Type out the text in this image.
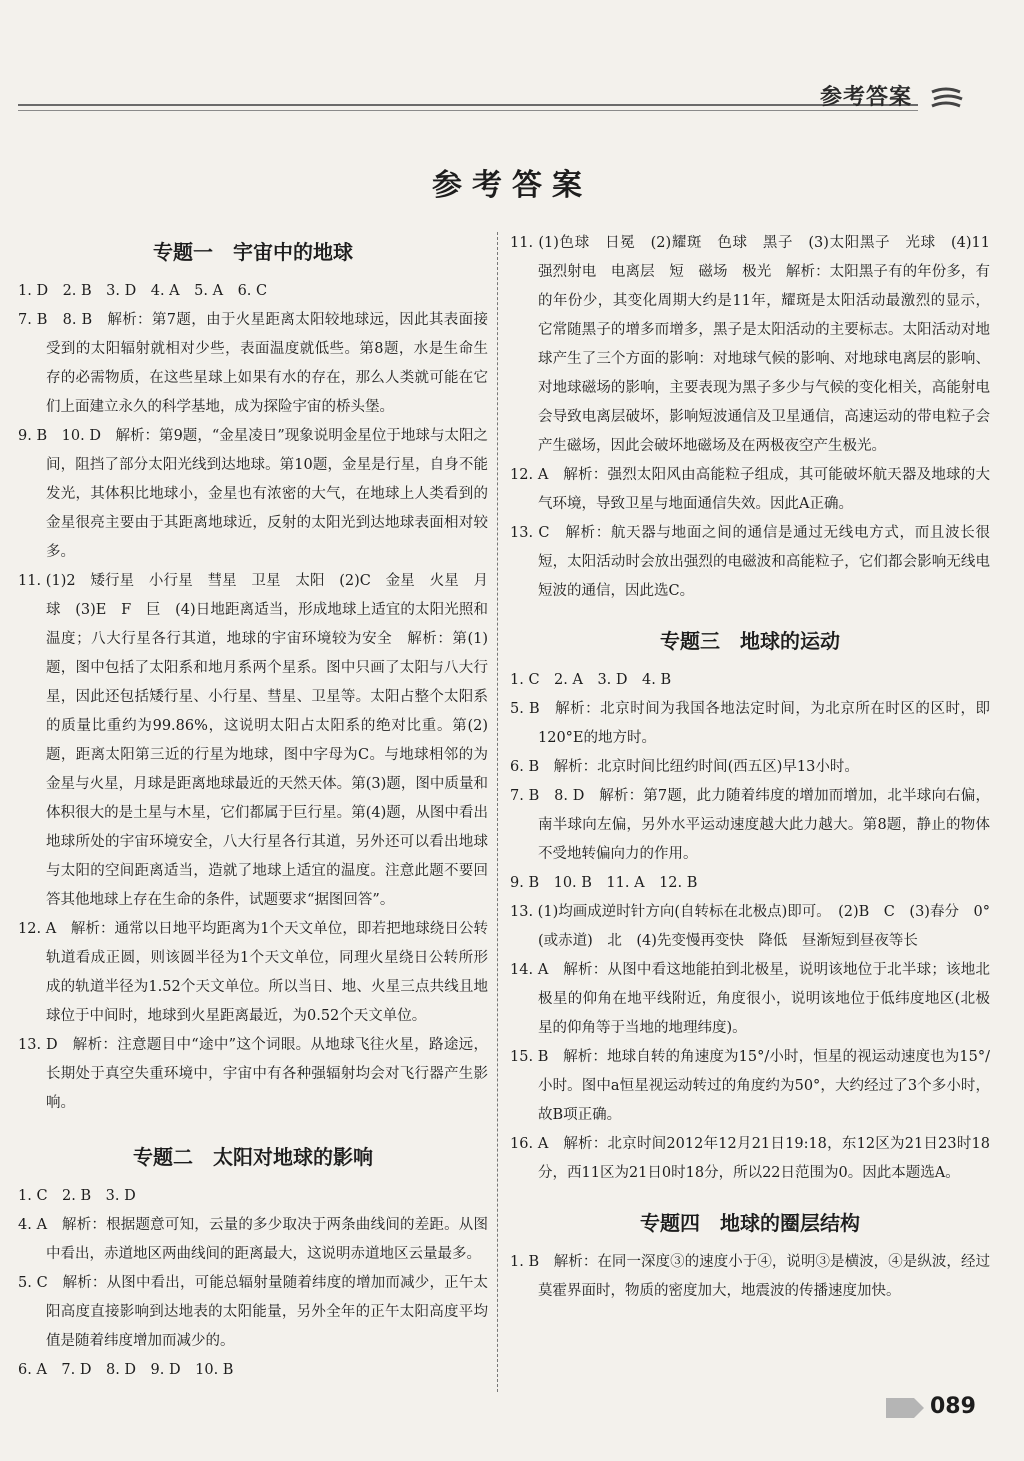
参考答案
参考答案
专题一　宇宙中的地球

1. D　2. B　3. D　4. A　5. A　6. C

7. B　8. B　解析：第7题，由于火星距离太阳较地球远，因此其表面接受到的太阳辐射就相对少些，表面温度就低些。第8题，水是生命生存的必需物质，在这些星球上如果有水的存在，那么人类就可能在它们上面建立永久的科学基地，成为探险宇宙的桥头堡。

9. B　10. D　解析：第9题，“金星凌日”现象说明金星位于地球与太阳之间，阻挡了部分太阳光线到达地球。第10题，金星是行星，自身不能发光，其体积比地球小，金星也有浓密的大气，在地球上人类看到的金星很亮主要由于其距离地球近，反射的太阳光到达地球表面相对较多。

11. (1)2　矮行星　小行星　彗星　卫星　太阳　(2)C　金星　火星　月球　(3)E　F　巨　(4)日地距离适当，形成地球上适宜的太阳光照和温度；八大行星各行其道，地球的宇宙环境较为安全　解析：第(1)题，图中包括了太阳系和地月系两个星系。图中只画了太阳与八大行星，因此还包括矮行星、小行星、彗星、卫星等。太阳占整个太阳系的质量比重约为99.86%，这说明太阳占太阳系的绝对比重。第(2)题，距离太阳第三近的行星为地球，图中字母为C。与地球相邻的为金星与火星，月球是距离地球最近的天然天体。第(3)题，图中质量和体积很大的是土星与木星，它们都属于巨行星。第(4)题，从图中看出地球所处的宇宙环境安全，八大行星各行其道，另外还可以看出地球与太阳的空间距离适当，造就了地球上适宜的温度。注意此题不要回答其他地球上存在生命的条件，试题要求“据图回答”。

12. A　解析：通常以日地平均距离为1个天文单位，即若把地球绕日公转轨道看成正圆，则该圆半径为1个天文单位，同理火星绕日公转所形成的轨道半径为1.52个天文单位。所以当日、地、火星三点共线且地球位于中间时，地球到火星距离最近，为0.52个天文单位。

13. D　解析：注意题目中“途中”这个词眼。从地球飞往火星，路途远，长期处于真空失重环境中，宇宙中有各种强辐射均会对飞行器产生影响。

专题二　太阳对地球的影响

1. C　2. B　3. D

4. A　解析：根据题意可知，云量的多少取决于两条曲线间的差距。从图中看出，赤道地区两曲线间的距离最大，这说明赤道地区云量最多。

5. C　解析：从图中看出，可能总辐射量随着纬度的增加而减少，正午太阳高度直接影响到达地表的太阳能量，另外全年的正午太阳高度平均值是随着纬度增加而减少的。

6. A　7. D　8. D　9. D　10. B

11. (1)色球　日冕　(2)耀斑　色球　黑子　(3)太阳黑子　光球　(4)11　强烈射电　电离层　短　磁场　极光　解析：太阳黑子有的年份多，有的年份少，其变化周期大约是11年，耀斑是太阳活动最激烈的显示，它常随黑子的增多而增多，黑子是太阳活动的主要标志。太阳活动对地球产生了三个方面的影响：对地球气候的影响、对地球电离层的影响、对地球磁场的影响，主要表现为黑子多少与气候的变化相关，高能射电会导致电离层破坏，影响短波通信及卫星通信，高速运动的带电粒子会产生磁场，因此会破坏地磁场及在两极夜空产生极光。

12. A　解析：强烈太阳风由高能粒子组成，其可能破坏航天器及地球的大气环境，导致卫星与地面通信失效。因此A正确。

13. C　解析：航天器与地面之间的通信是通过无线电方式，而且波长很短，太阳活动时会放出强烈的电磁波和高能粒子，它们都会影响无线电短波的通信，因此选C。

专题三　地球的运动

1. C　2. A　3. D　4. B

5. B　解析：北京时间为我国各地法定时间，为北京所在时区的区时，即120°E的地方时。

6. B　解析：北京时间比纽约时间(西五区)早13小时。

7. B　8. D　解析：第7题，此力随着纬度的增加而增加，北半球向右偏，南半球向左偏，另外水平运动速度越大此力越大。第8题，静止的物体不受地转偏向力的作用。

9. B　10. B　11. A　12. B

13. (1)均画成逆时针方向(自转标在北极点)即可。　(2)B　C　(3)春分　0°(或赤道)　北　(4)先变慢再变快　降低　昼渐短到昼夜等长

14. A　解析：从图中看这地能拍到北极星，说明该地位于北半球；该地北极星的仰角在地平线附近，角度很小，说明该地位于低纬度地区(北极星的仰角等于当地的地理纬度)。

15. B　解析：地球自转的角速度为15°/小时，恒星的视运动速度也为15°/小时。图中a恒星视运动转过的角度约为50°，大约经过了3个多小时，故B项正确。

16. A　解析：北京时间2012年12月21日19:18，东12区为21日23时18分，西11区为21日0时18分，所以22日范围为0。因此本题选A。

专题四　地球的圈层结构

1. B　解析：在同一深度③的速度小于④，说明③是横波，④是纵波，经过莫霍界面时，物质的密度加大，地震波的传播速度加快。

089
